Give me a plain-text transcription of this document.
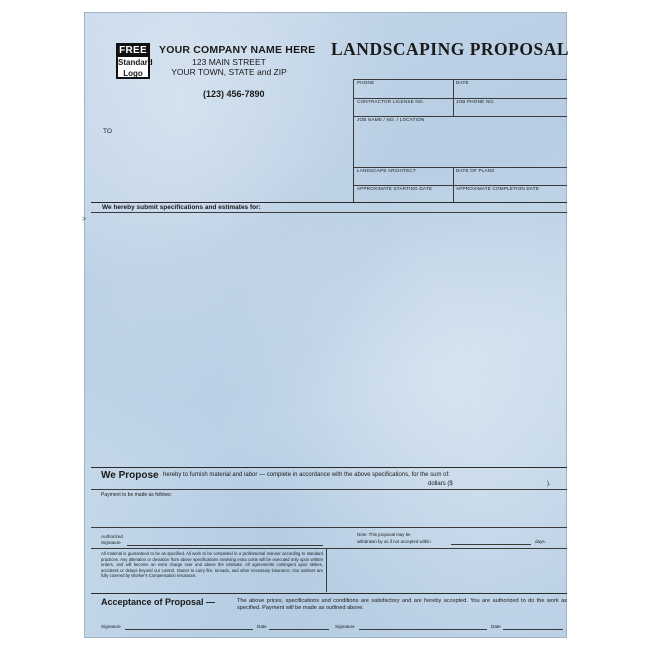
FREE
Standard
Logo
YOUR COMPANY NAME HERE
123 MAIN STREET
YOUR TOWN, STATE and ZIP
(123) 456-7890
LANDSCAPING PROPOSAL
PHONE	DATE
CONTRACTOR LICENSE NO.	JOB PHONE NO.
JOB NAME / NO. / LOCATION
LANDSCAPE ARCHITECT	DATE OF PLANS
APPROXIMATE STARTING DATE	APPROXIMATE COMPLETION DATE
TO
We hereby submit specifications and estimates for:
>
We Propose hereby to furnish material and labor — complete in accordance with the above specifications, for the sum of:
dollars ($	).
Payment to be made as follows:
Authorized
Signature
Note: This proposal may be
withdrawn by us if not accepted within	days.
All material is guaranteed to be as specified. All work to be completed in a professional manner according to standard practices. Any alteration or deviation from above specifications involving extra costs will be executed only upon written orders, and will become an extra charge over and above the estimate. All agreements contingent upon strikes, accidents or delays beyond our control. Owner to carry fire, tornado, and other necessary insurance. Our workers are fully covered by Worker's Compensation Insurance.
Acceptance of Proposal —	The above prices, specifications and conditions are satisfactory and are hereby accepted. You are authorized to do the work as specified. Payment will be made as outlined above.
Signature	Date	Signature	Date
